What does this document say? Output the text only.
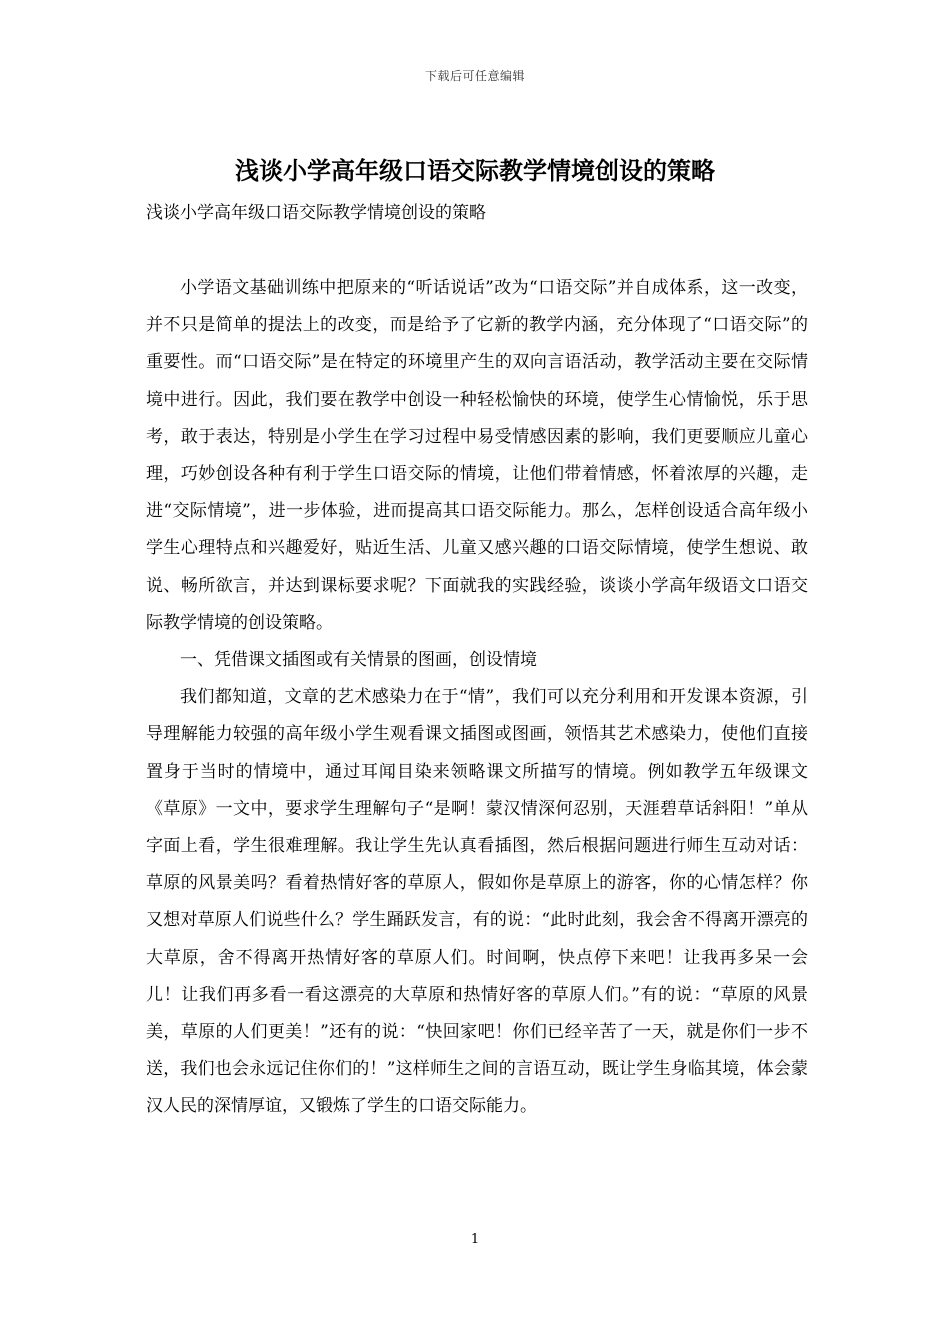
下载后可任意编辑
浅谈小学高年级口语交际教学情境创设的策略
浅谈小学高年级口语交际教学情境创设的策略

小学语文基础训练中把原来的“听话说话”改为“口语交际”并自成体系，这一改变，并不只是简单的提法上的改变，而是给予了它新的教学内涵，充分体现了“口语交际”的重要性。而“口语交际”是在特定的环境里产生的双向言语活动，教学活动主要在交际情境中进行。因此，我们要在教学中创设一种轻松愉快的环境，使学生心情愉悦，乐于思考，敢于表达，特别是小学生在学习过程中易受情感因素的影响，我们更要顺应儿童心理，巧妙创设各种有利于学生口语交际的情境，让他们带着情感，怀着浓厚的兴趣，走进“交际情境”，进一步体验，进而提高其口语交际能力。那么，怎样创设适合高年级小学生心理特点和兴趣爱好，贴近生活、儿童又感兴趣的口语交际情境，使学生想说、敢说、畅所欲言，并达到课标要求呢？下面就我的实践经验，谈谈小学高年级语文口语交际教学情境的创设策略。

一、凭借课文插图或有关情景的图画，创设情境

我们都知道，文章的艺术感染力在于“情”，我们可以充分利用和开发课本资源，引导理解能力较强的高年级小学生观看课文插图或图画，领悟其艺术感染力，使他们直接置身于当时的情境中，通过耳闻目染来领略课文所描写的情境。例如教学五年级课文《草原》一文中，要求学生理解句子“是啊！蒙汉情深何忍别，天涯碧草话斜阳！”单从字面上看，学生很难理解。我让学生先认真看插图，然后根据问题进行师生互动对话：草原的风景美吗？看着热情好客的草原人，假如你是草原上的游客，你的心情怎样？你又想对草原人们说些什么？学生踊跃发言，有的说：“此时此刻，我会舍不得离开漂亮的大草原，舍不得离开热情好客的草原人们。时间啊，快点停下来吧！让我再多呆一会儿！让我们再多看一看这漂亮的大草原和热情好客的草原人们。”有的说：“草原的风景美，草原的人们更美！”还有的说：“快回家吧！你们已经辛苦了一天，就是你们一步不送，我们也会永远记住你们的！”这样师生之间的言语互动，既让学生身临其境，体会蒙汉人民的深情厚谊，又锻炼了学生的口语交际能力。

1
